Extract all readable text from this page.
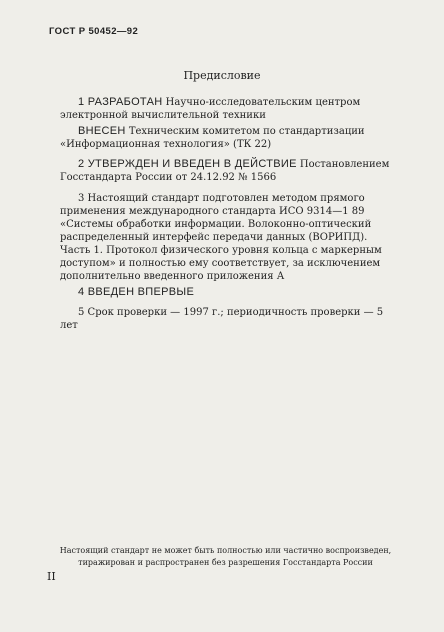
ГОСТ Р 50452—92
Предисловие
1 РАЗРАБОТАН Научно-исследовательским центром электронной вычислительной техники
ВНЕСЕН Техническим комитетом по стандартизации «Информационная технология» (ТК 22)
2 УТВЕРЖДЕН И ВВЕДЕН В ДЕЙСТВИЕ Постановлением Госстандарта России от 24.12.92 № 1566
3 Настоящий стандарт подготовлен методом прямого применения международного стандарта ИСО 9314—1 89 «Системы обработки информации. Волоконно-оптический распределенный интерфейс передачи данных (ВОРИПД). Часть 1. Протокол физического уровня кольца с маркерным доступом» и полностью ему соответствует, за исключением дополнительно введенного приложения А
4 ВВЕДЕН ВПЕРВЫЕ
5 Срок проверки — 1997 г.; периодичность проверки — 5 лет
Настоящий стандарт не может быть полностью или частично воспроизведен, тиражирован и распространен без разрешения Госстандарта России
II
